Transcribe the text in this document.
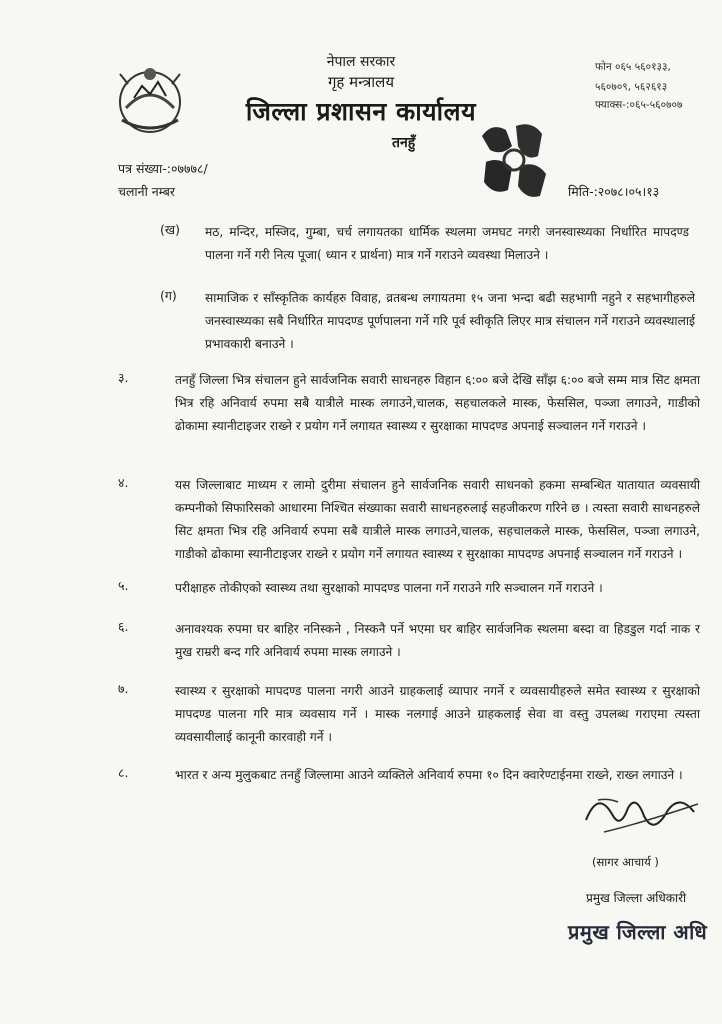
नेपाल सरकार
गृह मन्त्रालय
जिल्ला प्रशासन कार्यालय
तनहुँ
फोन ०६५ ५६०१३३,
५६०७०९, ५६२६१३
फ्याक्स-:०६५-५६०७०७
पत्र संख्या-:०७७७८/
चलानी नम्बर	मिति-:२०७८।०५।१३
(ख) मठ, मन्दिर, मस्जिद, गुम्बा, चर्च लगायतका धार्मिक स्थलमा जमघट नगरी जनस्वास्थ्यका निर्धारित मापदण्ड पालना गर्ने गरी नित्य पूजा( ध्यान र प्रार्थना) मात्र गर्ने गराउने व्यवस्था मिलाउने ।
(ग) सामाजिक र साँस्कृतिक कार्यहरु विवाह, व्रतबन्ध लगायतमा १५ जना भन्दा बढी सहभागी नहुने र सहभागीहरुले जनस्वास्थ्यका सबै निर्धारित मापदण्ड पूर्णपालना गर्ने गरि पूर्व स्वीकृति लिएर मात्र संचालन गर्ने गराउने व्यवस्थालाई प्रभावकारी बनाउने ।
३.	तनहुँ जिल्ला भित्र संचालन हुने सार्वजनिक सवारी साधनहरु विहान ६:०० बजे देखि साँझ ६:०० बजे सम्म मात्र सिट क्षमता भित्र रहि अनिवार्य रुपमा सबै यात्रीले मास्क लगाउने,चालक, सहचालकले मास्क, फेससिल, पञ्जा लगाउने, गाडीको ढोकामा स्यानीटाइजर राख्ने र प्रयोग गर्ने लगायत स्वास्थ्य र सुरक्षाका मापदण्ड अपनाई सञ्चालन गर्ने गराउने ।
४.	यस जिल्लाबाट माध्यम र लामो दुरीमा संचालन हुने सार्वजनिक सवारी साधनको हकमा सम्बन्धित यातायात व्यवसायी कम्पनीको सिफारिसको आधारमा निश्चित संख्याका सवारी साधनहरुलाई सहजीकरण गरिने छ । त्यस्ता सवारी साधनहरुले सिट क्षमता भित्र रहि अनिवार्य रुपमा सबै यात्रीले मास्क लगाउने,चालक, सहचालकले मास्क, फेससिल, पञ्जा लगाउने, गाडीको ढोकामा स्यानीटाइजर राख्ने र प्रयोग गर्ने लगायत स्वास्थ्य र सुरक्षाका मापदण्ड अपनाई सञ्चालन गर्ने गराउने ।
५.	परीक्षाहरु तोकीएको स्वास्थ्य तथा सुरक्षाको मापदण्ड पालना गर्ने गराउने गरि सञ्चालन गर्ने गराउने ।
६.	अनावश्यक रुपमा घर बाहिर ननिस्कने , निस्कनै पर्ने भएमा घर बाहिर सार्वजनिक स्थलमा बस्दा वा हिडडुल गर्दा नाक र मुख राम्ररी बन्द गरि अनिवार्य रुपमा मास्क लगाउने ।
७.	स्वास्थ्य र सुरक्षाको मापदण्ड पालना नगरी आउने ग्राहकलाई व्यापार नगर्ने र व्यवसायीहरुले समेत स्वास्थ्य र सुरक्षाको मापदण्ड पालना गरि मात्र व्यवसाय गर्ने । मास्क नलगाई आउने ग्राहकलाई सेवा वा वस्तु उपलब्ध गराएमा त्यस्ता व्यवसायीलाई कानूनी कारवाही गर्ने ।
८.	भारत र अन्य मुलुकबाट तनहुँ जिल्लामा आउने व्यक्तिले अनिवार्य रुपमा १० दिन क्वारेण्टाईनमा राख्ने, राख्न लगाउने ।
(सागर आचार्य )
प्रमुख जिल्ला अधिकारी
प्रमुख जिल्ला अधि
